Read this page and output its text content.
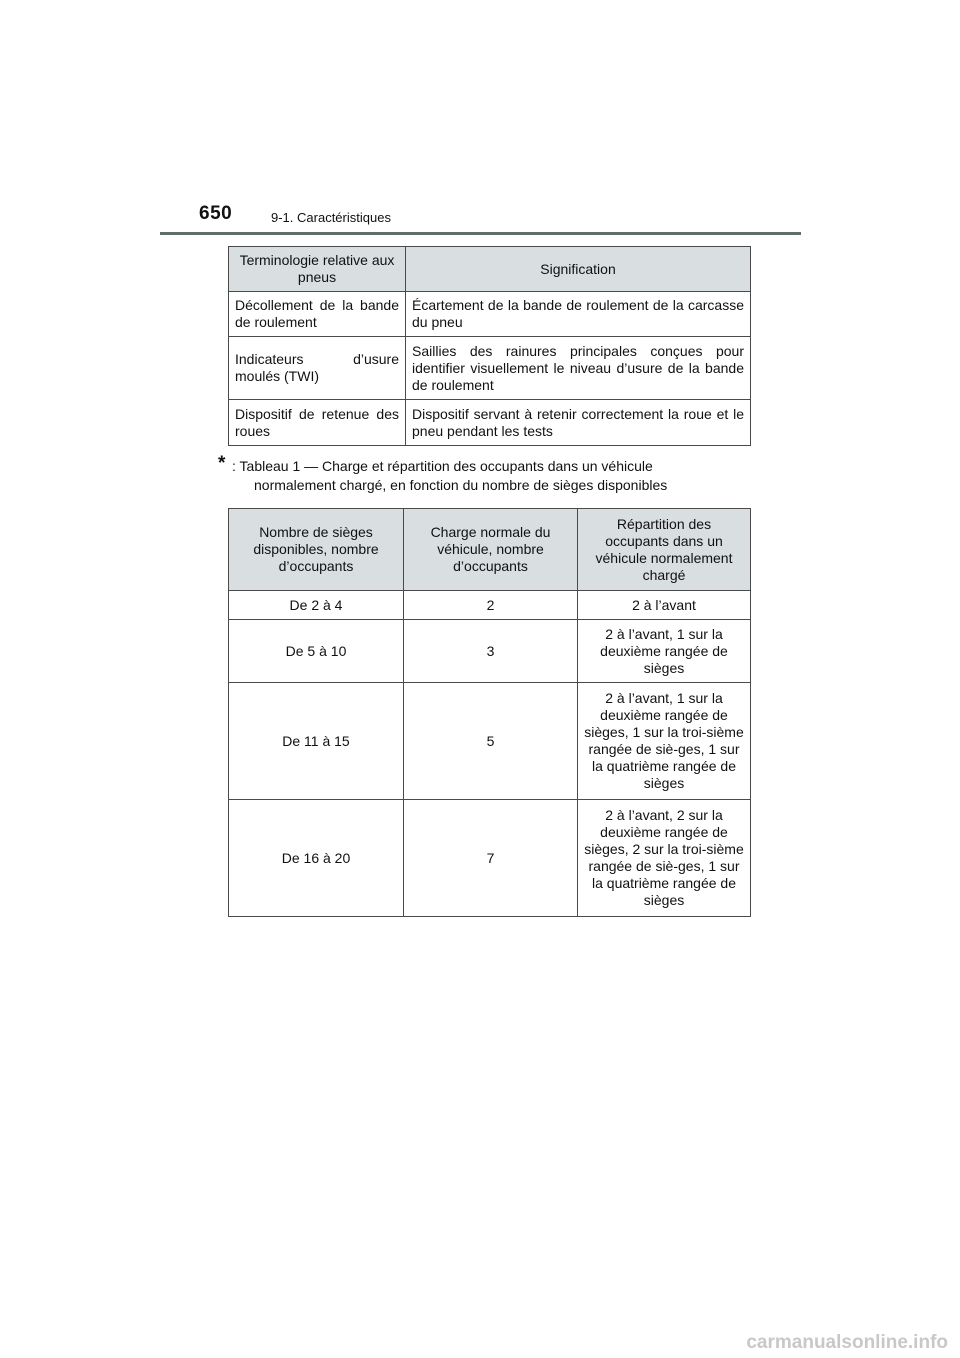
650	9-1. Caractéristiques
Terminologie relative aux pneus	Signification
Décollement de la bande de roulement	Écartement de la bande de roulement de la carcasse du pneu
Indicateurs d’usure moulés (TWI)	Saillies des rainures principales conçues pour identifier visuellement le niveau d’usure de la bande de roulement
Dispositif de retenue des roues	Dispositif servant à retenir correctement la roue et le pneu pendant les tests
* : Tableau 1 — Charge et répartition des occupants dans un véhicule
normalement chargé, en fonction du nombre de sièges disponibles
Nombre de sièges disponibles, nombre d’occupants	Charge normale du véhicule, nombre d’occupants	Répartition des occupants dans un véhicule normalement chargé
De 2 à 4	2	2 à l’avant
De 5 à 10	3	2 à l’avant, 1 sur la deuxième rangée de sièges
De 11 à 15	5	2 à l’avant, 1 sur la deuxième rangée de sièges, 1 sur la troi-sième rangée de siè-ges, 1 sur la quatrième rangée de sièges
De 16 à 20	7	2 à l’avant, 2 sur la deuxième rangée de sièges, 2 sur la troi-sième rangée de siè-ges, 1 sur la quatrième rangée de sièges
carmanualsonline.info
